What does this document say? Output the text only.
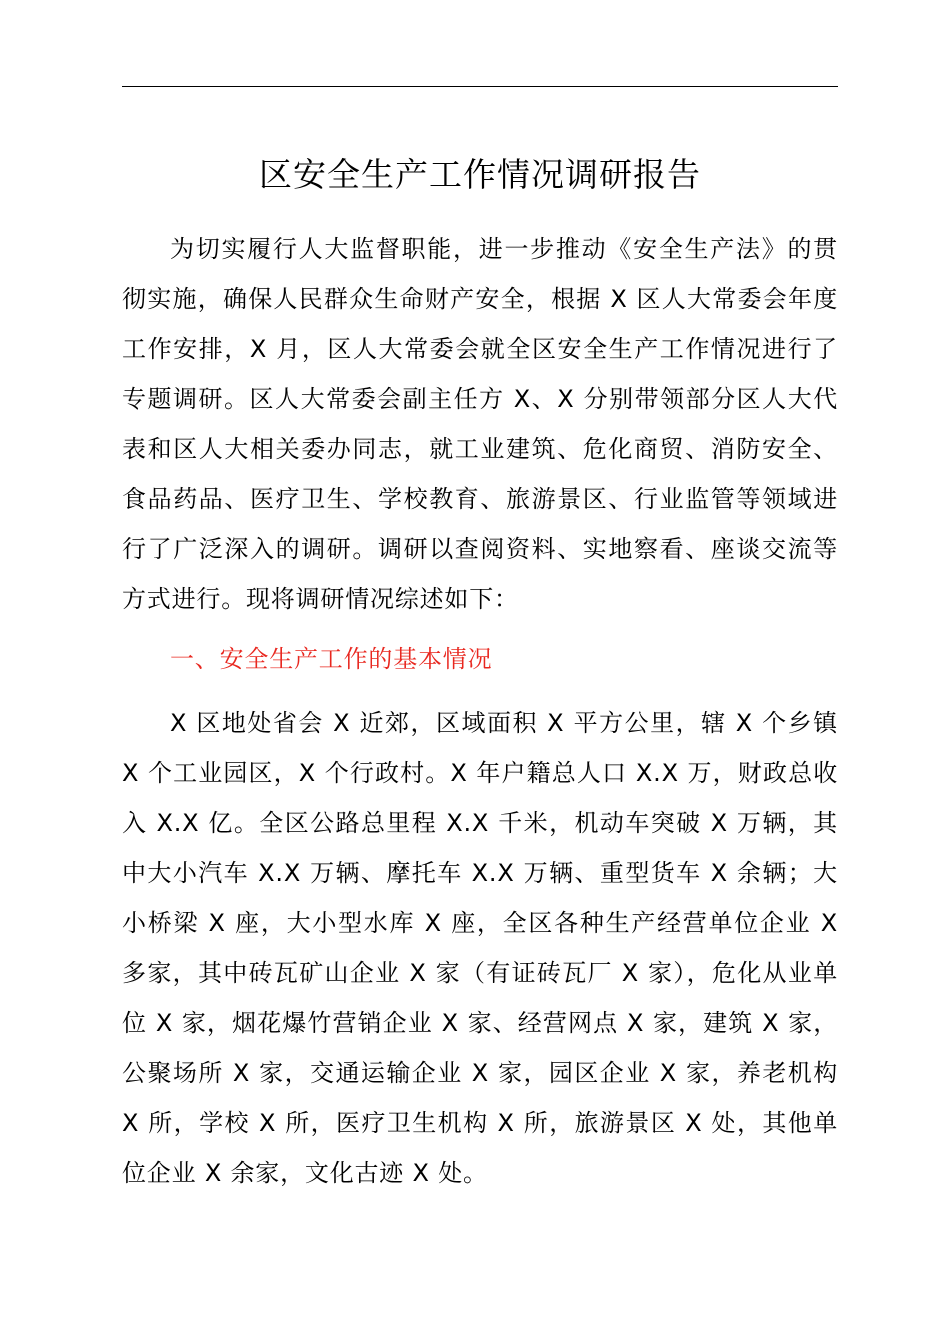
区安全生产工作情况调研报告

为切实履行人大监督职能，进一步推动《安全生产法》的贯彻实施，确保人民群众生命财产安全，根据 X 区人大常委会年度工作安排，X 月，区人大常委会就全区安全生产工作情况进行了专题调研。区人大常委会副主任方 X、X 分别带领部分区人大代表和区人大相关委办同志，就工业建筑、危化商贸、消防安全、食品药品、医疗卫生、学校教育、旅游景区、行业监管等领域进行了广泛深入的调研。调研以查阅资料、实地察看、座谈交流等方式进行。现将调研情况综述如下：

一、安全生产工作的基本情况

X 区地处省会 X 近郊，区域面积 X 平方公里，辖 X 个乡镇 X 个工业园区，X 个行政村。X 年户籍总人口 X.X 万，财政总收入 X.X 亿。全区公路总里程 X.X 千米，机动车突破 X 万辆，其中大小汽车 X.X 万辆、摩托车 X.X 万辆、重型货车 X 余辆；大小桥梁 X 座，大小型水库 X 座，全区各种生产经营单位企业 X 多家，其中砖瓦矿山企业 X 家（有证砖瓦厂 X 家），危化从业单位 X 家，烟花爆竹营销企业 X 家、经营网点 X 家，建筑 X 家，公聚场所 X 家，交通运输企业 X 家，园区企业 X 家，养老机构 X 所，学校 X 所，医疗卫生机构 X 所，旅游景区 X 处，其他单位企业 X 余家，文化古迹 X 处。
